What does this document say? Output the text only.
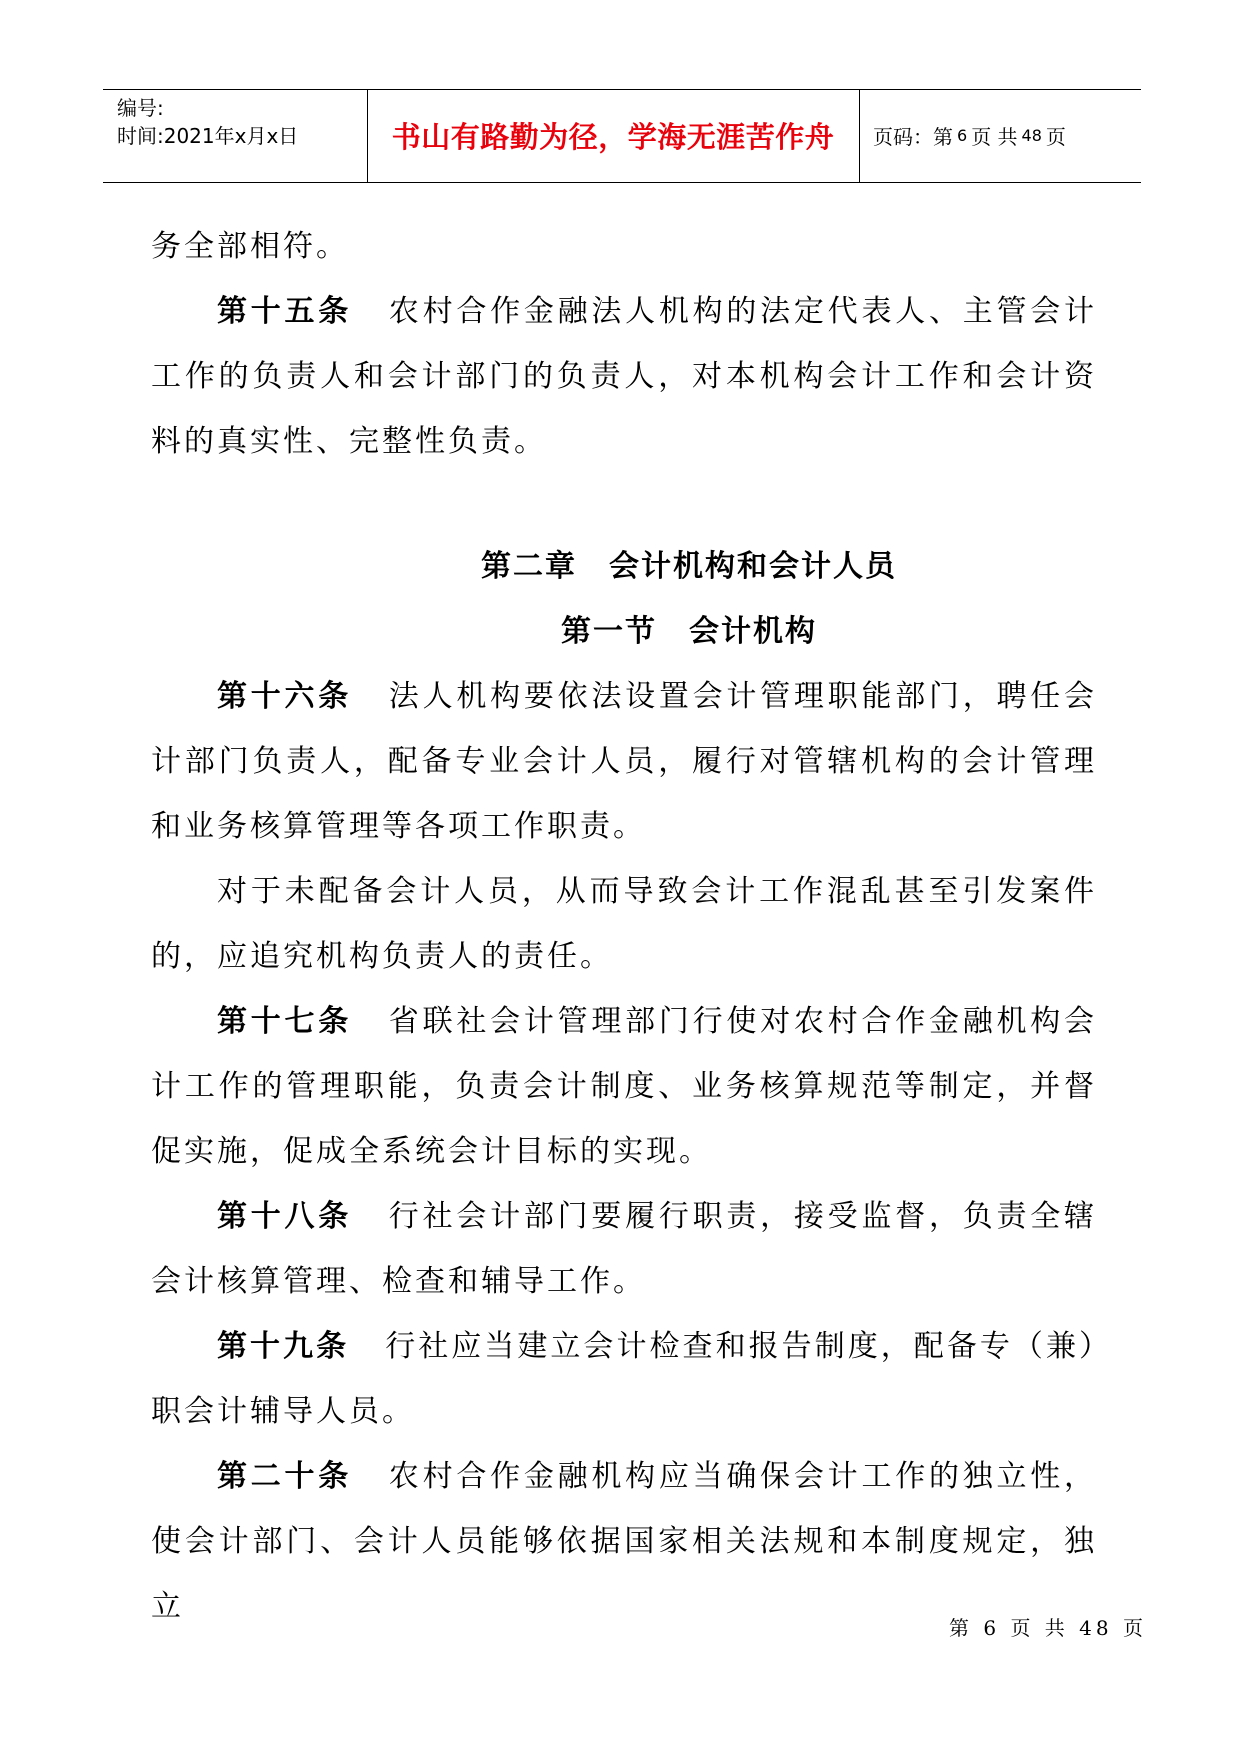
编号:
时间:2021年x月x日	书山有路勤为径，学海无涯苦作舟	页码：第 6 页 共 48 页

务全部相符。

第十五条 农村合作金融法人机构的法定代表人、主管会计工作的负责人和会计部门的负责人，对本机构会计工作和会计资料的真实性、完整性负责。

第二章　会计机构和会计人员

第一节　会计机构

第十六条 法人机构要依法设置会计管理职能部门，聘任会计部门负责人，配备专业会计人员，履行对管辖机构的会计管理和业务核算管理等各项工作职责。

对于未配备会计人员，从而导致会计工作混乱甚至引发案件的，应追究机构负责人的责任。

第十七条 省联社会计管理部门行使对农村合作金融机构会计工作的管理职能，负责会计制度、业务核算规范等制定，并督促实施，促成全系统会计目标的实现。

第十八条 行社会计部门要履行职责，接受监督，负责全辖会计核算管理、检查和辅导工作。

第十九条 行社应当建立会计检查和报告制度，配备专（兼）职会计辅导人员。

第二十条 农村合作金融机构应当确保会计工作的独立性，使会计部门、会计人员能够依据国家相关法规和本制度规定，独立

第 6 页 共 48 页
